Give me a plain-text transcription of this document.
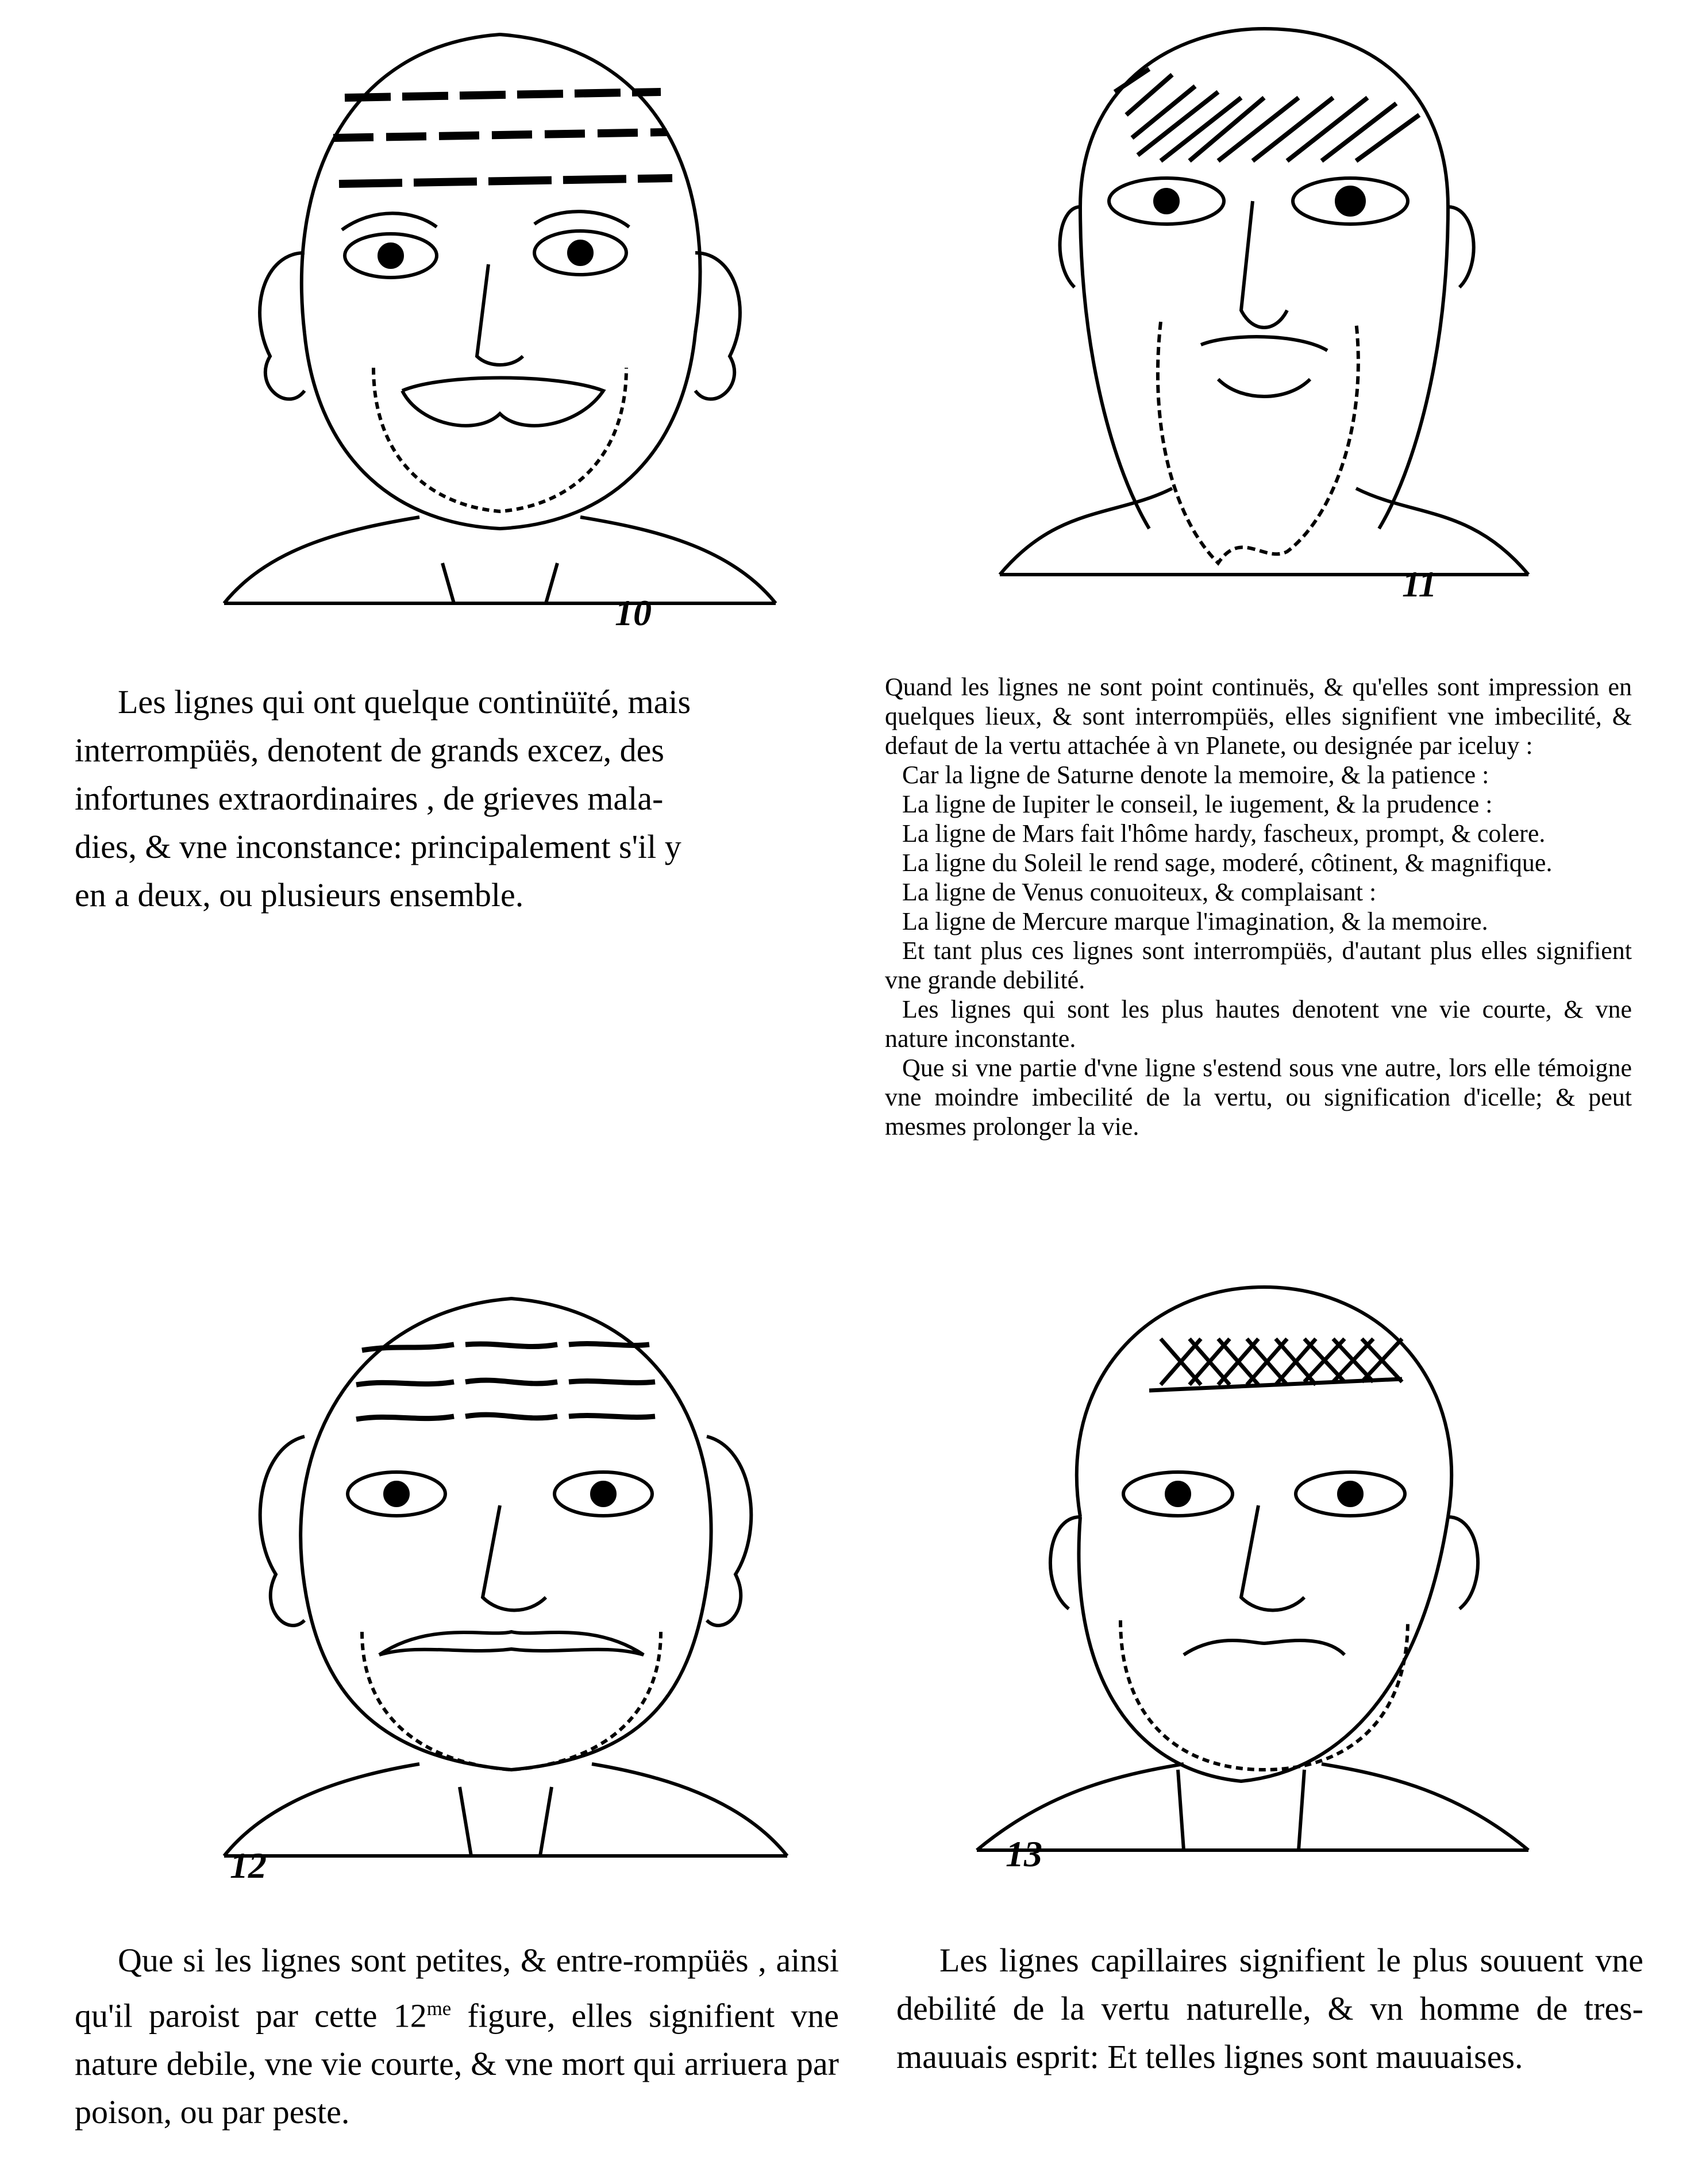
10
11

Les lignes qui ont quelque continüïté, mais

interrompüës, denotent de grands excez, des

infortunes extraordinaires , de grieves mala-

dies, & vne inconstance: principalement s'il y

en a deux, ou plusieurs ensemble.

Quand les lignes ne sont point continuës, & qu'elles sont impression en quelques lieux, & sont interrompüës, elles signifient vne imbecilité, & defaut de la vertu attachée à vn Planete, ou designée par iceluy :

Car la ligne de Saturne denote la memoire, & la patience :

La ligne de Iupiter le conseil, le iugement, & la prudence :

La ligne de Mars fait l'hôme hardy, fascheux, prompt, & colere.

La ligne du Soleil le rend sage, moderé, côtinent, & magnifique.

La ligne de Venus conuoiteux, & complaisant :

La ligne de Mercure marque l'imagination, & la memoire.

Et tant plus ces lignes sont interrompüës, d'autant plus elles signifient vne grande debilité.

Les lignes qui sont les plus hautes denotent vne vie courte, & vne nature inconstante.

Que si vne partie d'vne ligne s'estend sous vne autre, lors elle témoigne vne moindre imbecilité de la vertu, ou signification d'icelle; & peut mesmes prolonger la vie.

12	13

Que si les lignes sont petites, & entre-rompüës , ainsi qu'il paroist par cette $12^{me}$ figure, elles signifient vne nature debile, vne vie courte, & vne mort qui arriuera par poison, ou par peste.

Les lignes capillaires signifient le plus souuent vne debilité de la vertu naturelle, & vn homme de tres-mauuais esprit: Et telles lignes sont mauuaises.
